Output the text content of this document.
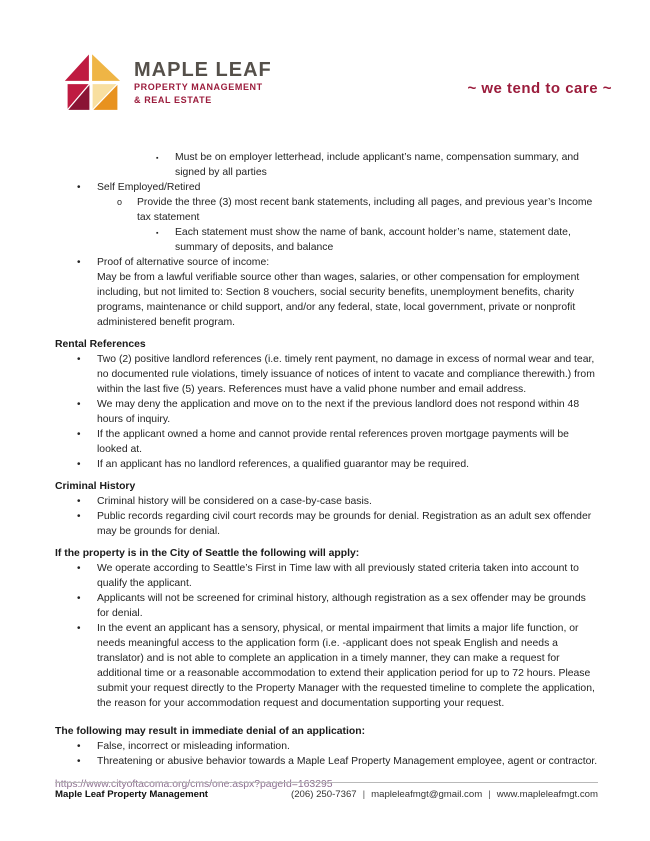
MAPLE LEAF
PROPERTY MANAGEMENT
& REAL ESTATE
~ we tend to care ~
▪	Must be on employer letterhead, include applicant’s name, compensation summary, and signed by all parties
•	Self Employed/Retired
o	Provide the three (3) most recent bank statements, including all pages, and previous year’s Income tax statement
▪	Each statement must show the name of bank, account holder’s name, statement date, summary of deposits, and balance
•	Proof of alternative source of income:
May be from a lawful verifiable source other than wages, salaries, or other compensation for employment including, but not limited to: Section 8 vouchers, social security benefits, unemployment benefits, charity programs, maintenance or child support, and/or any federal, state, local government, private or nonprofit administered benefit program.
Rental References
•	Two (2) positive landlord references (i.e. timely rent payment, no damage in excess of normal wear and tear, no documented rule violations, timely issuance of notices of intent to vacate and compliance therewith.) from within the last five (5) years. References must have a valid phone number and email address.
•	We may deny the application and move on to the next if the previous landlord does not respond within 48 hours of inquiry.
•	If the applicant owned a home and cannot provide rental references proven mortgage payments will be looked at.
•	If an applicant has no landlord references, a qualified guarantor may be required.
Criminal History
•	Criminal history will be considered on a case-by-case basis.
•	Public records regarding civil court records may be grounds for denial. Registration as an adult sex offender may be grounds for denial.
If the property is in the City of Seattle the following will apply:
•	We operate according to Seattle’s First in Time law with all previously stated criteria taken into account to qualify the applicant.
•	Applicants will not be screened for criminal history, although registration as a sex offender may be grounds for denial.
•	In the event an applicant has a sensory, physical, or mental impairment that limits a major life function, or needs meaningful access to the application form (i.e. -applicant does not speak English and needs a translator) and is not able to complete an application in a timely manner, they can make a request for additional time or a reasonable accommodation to extend their application period for up to 72 hours. Please submit your request directly to the Property Manager with the requested timeline to complete the application, the reason for your accommodation request and documentation supporting your request.
The following may result in immediate denial of an application:
•	False, incorrect or misleading information.
•	Threatening or abusive behavior towards a Maple Leaf Property Management employee, agent or contractor.
https://www.cityoftacoma.org/cms/one.aspx?pageId=163295
Maple Leaf Property Management	(206) 250-7367 | mapleleafmgt@gmail.com | www.mapleleafmgt.com
